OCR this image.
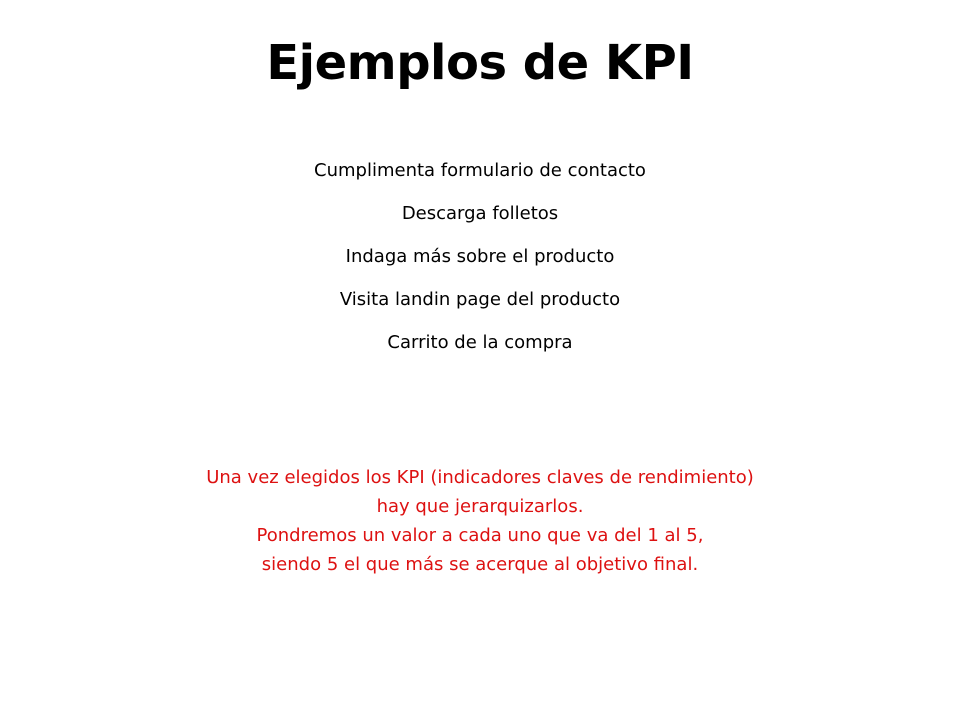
Ejemplos de KPI
Cumplimenta formulario de contacto
Descarga folletos
Indaga más sobre el producto
Visita landin page del producto
Carrito de la compra
Una vez elegidos los KPI (indicadores claves de rendimiento)
hay que jerarquizarlos.
Pondremos un valor a cada uno que va del 1 al 5,
siendo 5 el que más se acerque al objetivo final.
